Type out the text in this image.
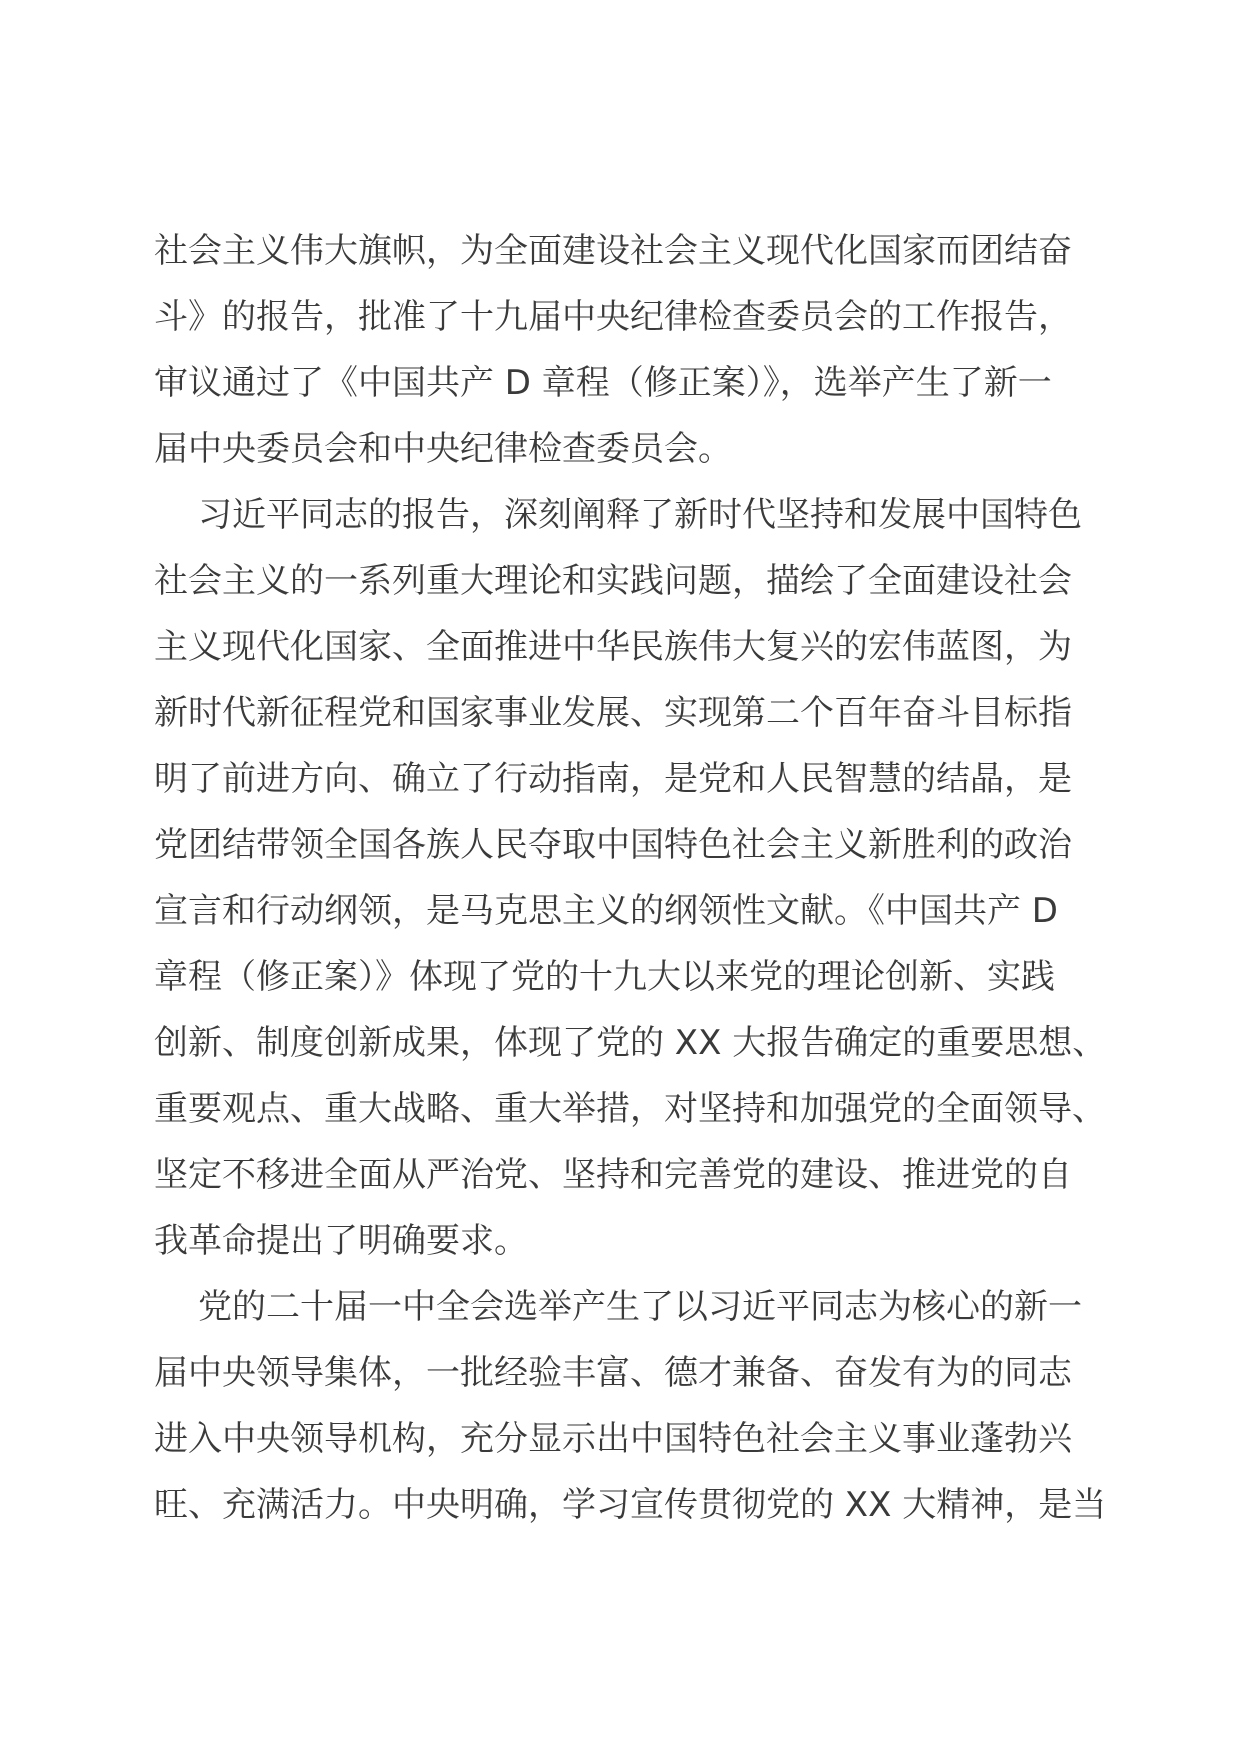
社会主义伟大旗帜，为全面建设社会主义现代化国家而团结奋
斗》的报告，批准了十九届中央纪律检查委员会的工作报告，
审议通过了《中国共产 D 章程（修正案）》，选举产生了新一
届中央委员会和中央纪律检查委员会。
习近平同志的报告，深刻阐释了新时代坚持和发展中国特色
社会主义的一系列重大理论和实践问题，描绘了全面建设社会
主义现代化国家、全面推进中华民族伟大复兴的宏伟蓝图，为
新时代新征程党和国家事业发展、实现第二个百年奋斗目标指
明了前进方向、确立了行动指南，是党和人民智慧的结晶，是
党团结带领全国各族人民夺取中国特色社会主义新胜利的政治
宣言和行动纲领，是马克思主义的纲领性文献。《中国共产 D
章程（修正案）》体现了党的十九大以来党的理论创新、实践
创新、制度创新成果，体现了党的 XX 大报告确定的重要思想、
重要观点、重大战略、重大举措，对坚持和加强党的全面领导、
坚定不移进全面从严治党、坚持和完善党的建设、推进党的自
我革命提出了明确要求。
党的二十届一中全会选举产生了以习近平同志为核心的新一
届中央领导集体，一批经验丰富、德才兼备、奋发有为的同志
进入中央领导机构，充分显示出中国特色社会主义事业蓬勃兴
旺、充满活力。中央明确，学习宣传贯彻党的 XX 大精神，是当
